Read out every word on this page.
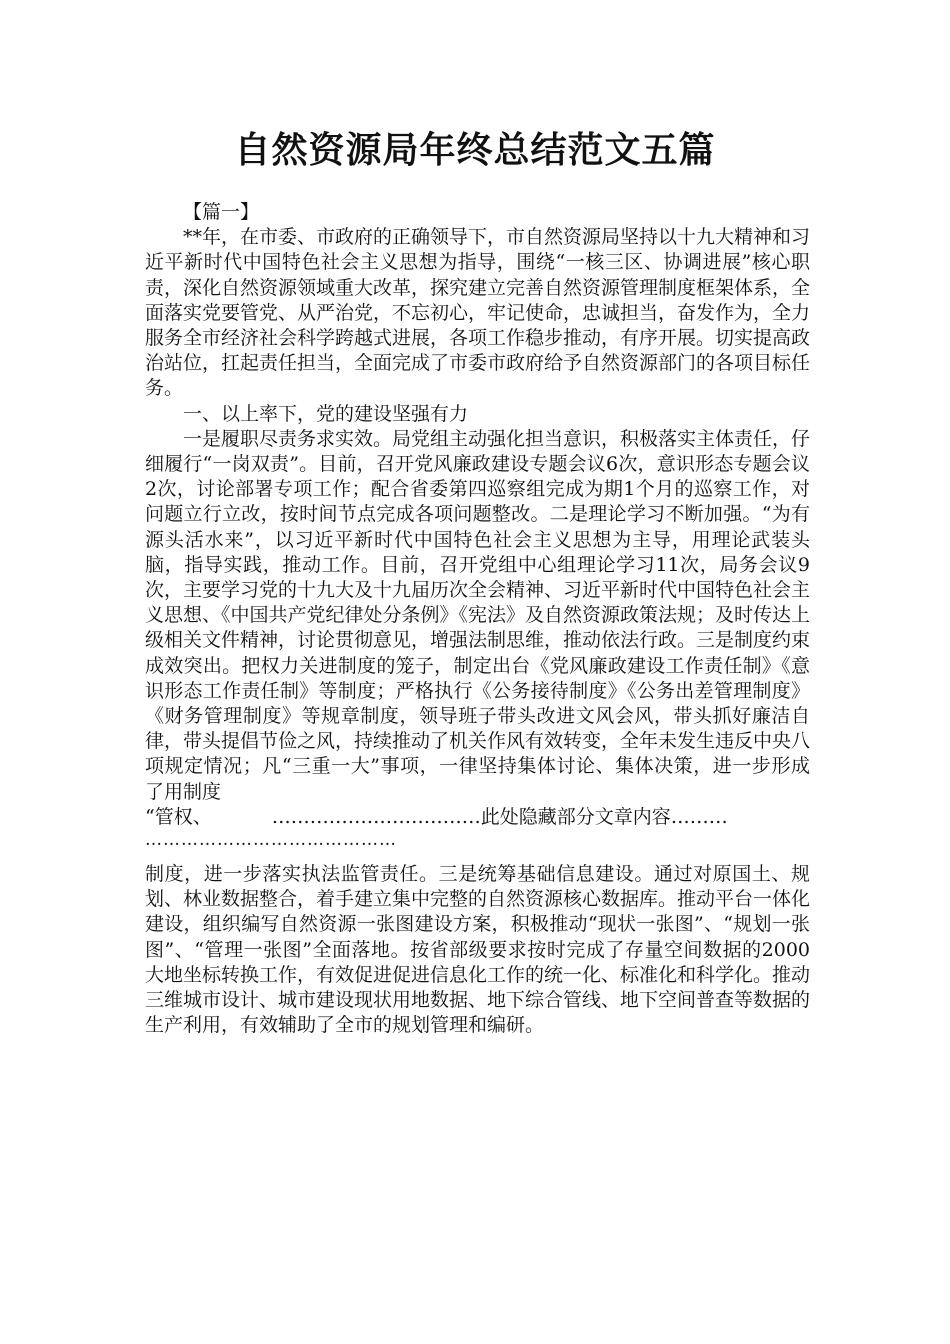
自然资源局年终总结范文五篇

【篇一】

**年，在市委、市政府的正确领导下，市自然资源局坚持以十九大精神和习近平新时代中国特色社会主义思想为指导，围绕“一核三区、协调进展”核心职责，深化自然资源领域重大改革，探究建立完善自然资源管理制度框架体系，全面落实党要管党、从严治党，不忘初心，牢记使命，忠诚担当，奋发作为，全力服务全市经济社会科学跨越式进展，各项工作稳步推动，有序开展。切实提高政治站位，扛起责任担当，全面完成了市委市政府给予自然资源部门的各项目标任务。

一、以上率下，党的建设坚强有力

一是履职尽责务求实效。局党组主动强化担当意识，积极落实主体责任，仔细履行“一岗双责”。目前，召开党风廉政建设专题会议6次，意识形态专题会议2次，讨论部署专项工作；配合省委第四巡察组完成为期1个月的巡察工作，对问题立行立改，按时间节点完成各项问题整改。二是理论学习不断加强。“为有源头活水来”，以习近平新时代中国特色社会主义思想为主导，用理论武装头脑，指导实践，推动工作。目前，召开党组中心组理论学习11次，局务会议9次，主要学习党的十九大及十九届历次全会精神、习近平新时代中国特色社会主义思想、《中国共产党纪律处分条例》《宪法》及自然资源政策法规；及时传达上级相关文件精神，讨论贯彻意见，增强法制思维，推动依法行政。三是制度约束成效突出。把权力关进制度的笼子，制定出台《党风廉政建设工作责任制》《意识形态工作责任制》等制度；严格执行《公务接待制度》《公务出差管理制度》《财务管理制度》等规章制度，领导班子带头改进文风会风，带头抓好廉洁自律，带头提倡节俭之风，持续推动了机关作风有效转变，全年未发生违反中央八项规定情况；凡“三重一大”事项，一律坚持集体讨论、集体决策，进一步形成了用制度

“管权、	……………………………此处隐藏部分文章内容………

……………………………………

制度，进一步落实执法监管责任。三是统筹基础信息建设。通过对原国土、规划、林业数据整合，着手建立集中完整的自然资源核心数据库。推动平台一体化建设，组织编写自然资源一张图建设方案，积极推动“现状一张图”、“规划一张图”、“管理一张图”全面落地。按省部级要求按时完成了存量空间数据的2000大地坐标转换工作，有效促进促进信息化工作的统一化、标准化和科学化。推动三维城市设计、城市建设现状用地数据、地下综合管线、地下空间普查等数据的生产利用，有效辅助了全市的规划管理和编研。
